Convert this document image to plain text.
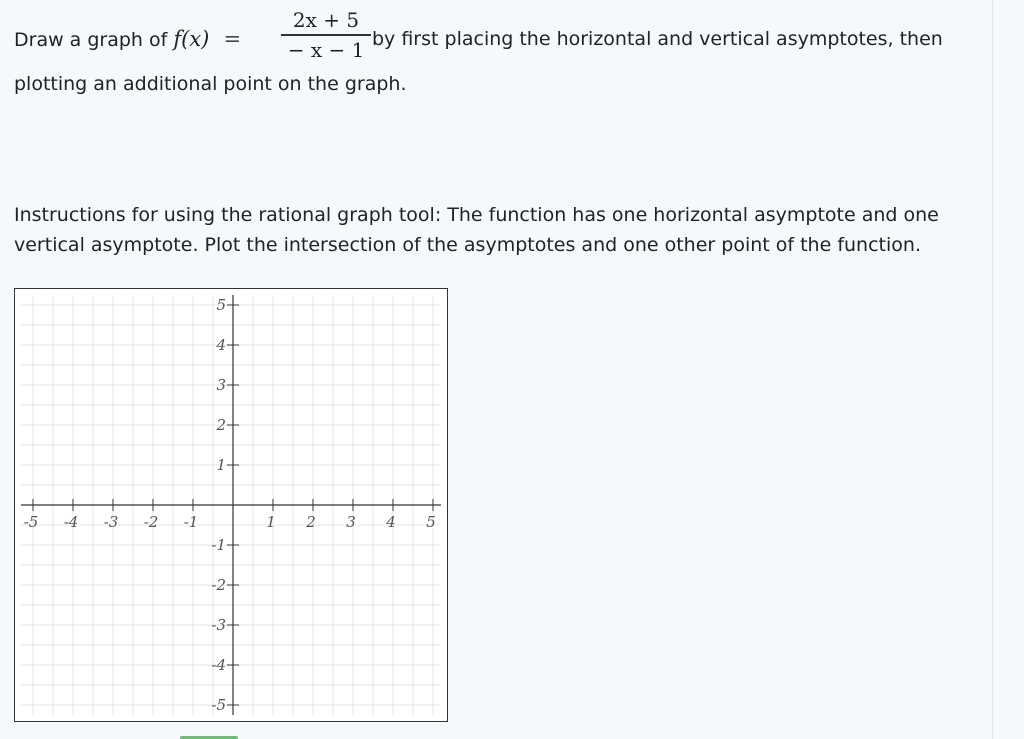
Draw a graph of f(x) =
2x + 5
− x − 1 by first placing the horizontal and vertical asymptotes, then
plotting an additional point on the graph.
Instructions for using the rational graph tool: The function has one horizontal asymptote and one vertical asymptote. Plot the intersection of the asymptotes and one other point of the function.
-5 -4 -3 -2 -1	1 2 3 4 5
5
4
3
2
1
-1
-2
-3
-4
-5
